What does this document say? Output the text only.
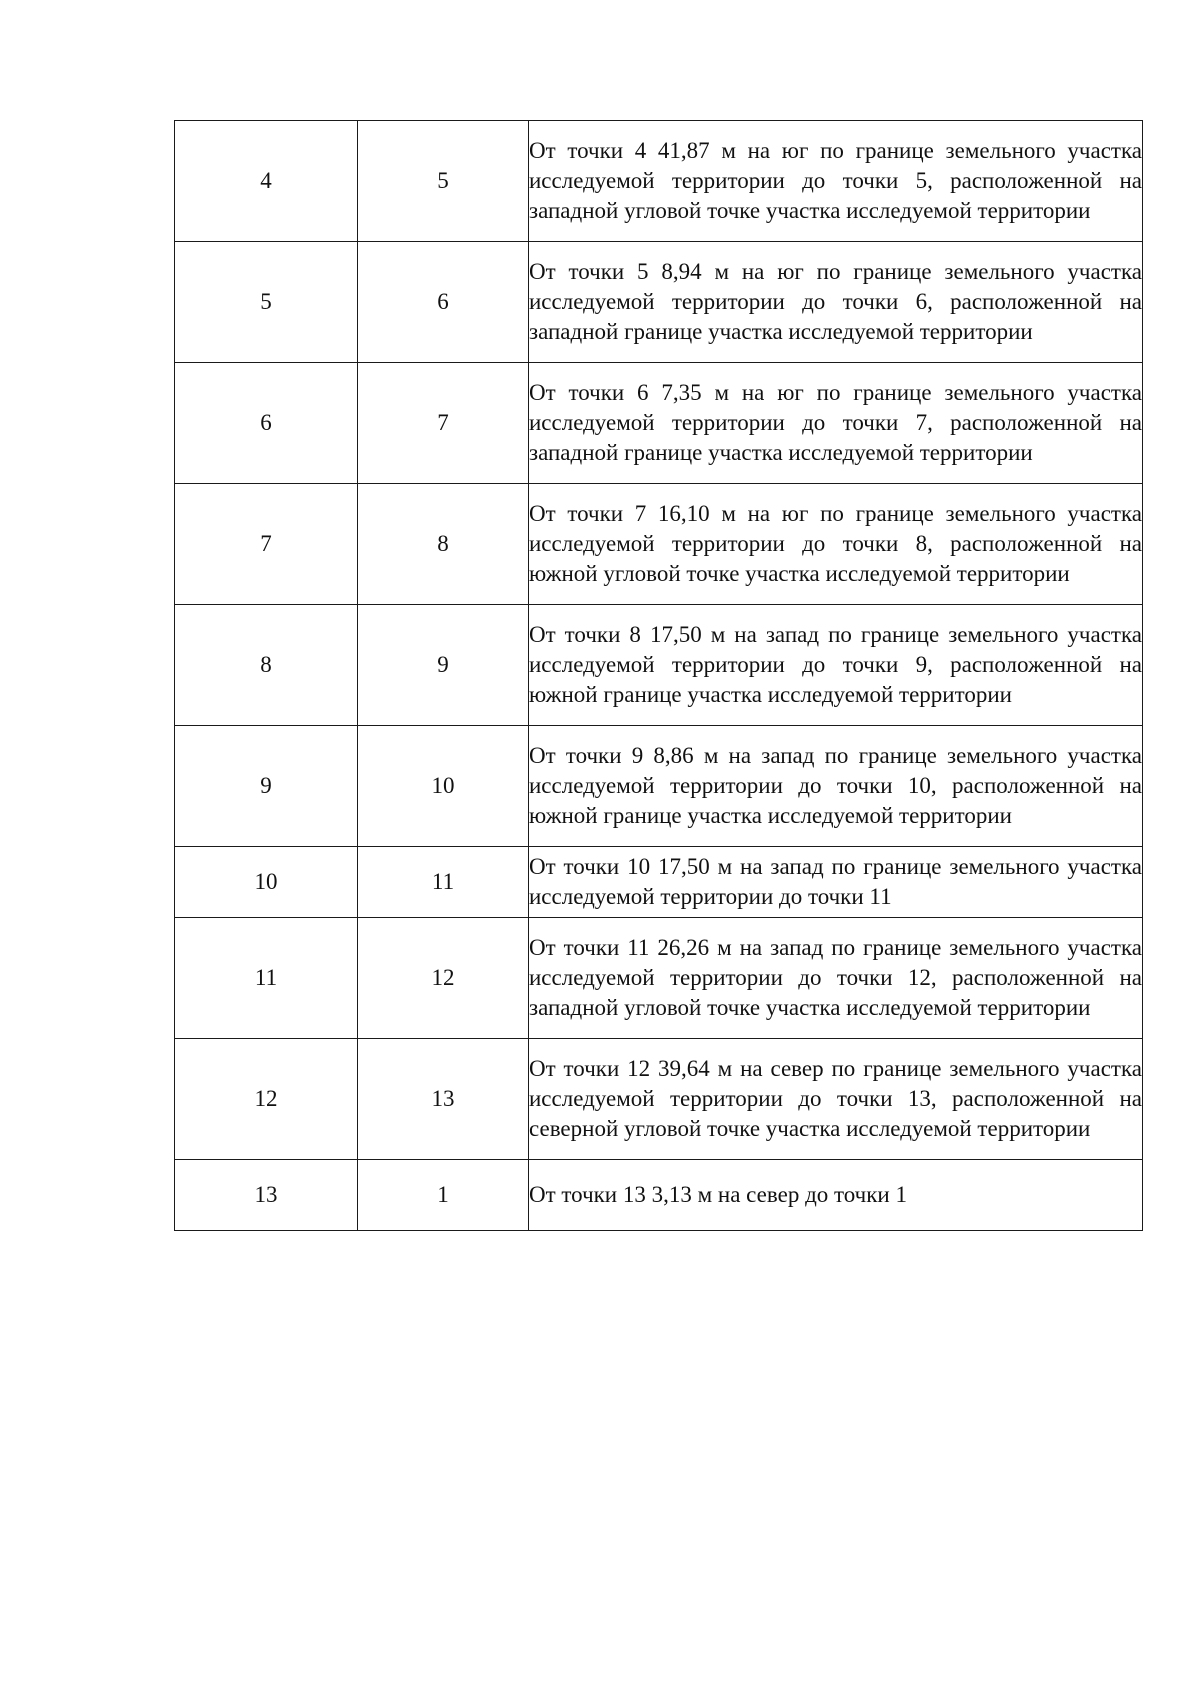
4	5	От точки 4 41,87 м на юг по границе земельного участка исследуемой территории до точки 5, расположенной на западной угловой точке участка исследуемой территории
5	6	От точки 5 8,94 м на юг по границе земельного участка исследуемой территории до точки 6, расположенной на западной границе участка исследуемой территории
6	7	От точки 6 7,35 м на юг по границе земельного участка исследуемой территории до точки 7, расположенной на западной границе участка исследуемой территории
7	8	От точки 7 16,10 м на юг по границе земельного участка исследуемой территории до точки 8, расположенной на южной угловой точке участка исследуемой территории
8	9	От точки 8 17,50 м на запад по границе земельного участка исследуемой территории до точки 9, расположенной на южной границе участка исследуемой территории
9	10	От точки 9 8,86 м на запад по границе земельного участка исследуемой территории до точки 10, расположенной на южной границе участка исследуемой территории
10	11	От точки 10 17,50 м на запад по границе земельного участка исследуемой территории до точки 11
11	12	От точки 11 26,26 м на запад по границе земельного участка исследуемой территории до точки 12, расположенной на западной угловой точке участка исследуемой территории
12	13	От точки 12 39,64 м на север по границе земельного участка исследуемой территории до точки 13, расположенной на северной угловой точке участка исследуемой территории
13	1	От точки 13 3,13 м на север до точки 1
